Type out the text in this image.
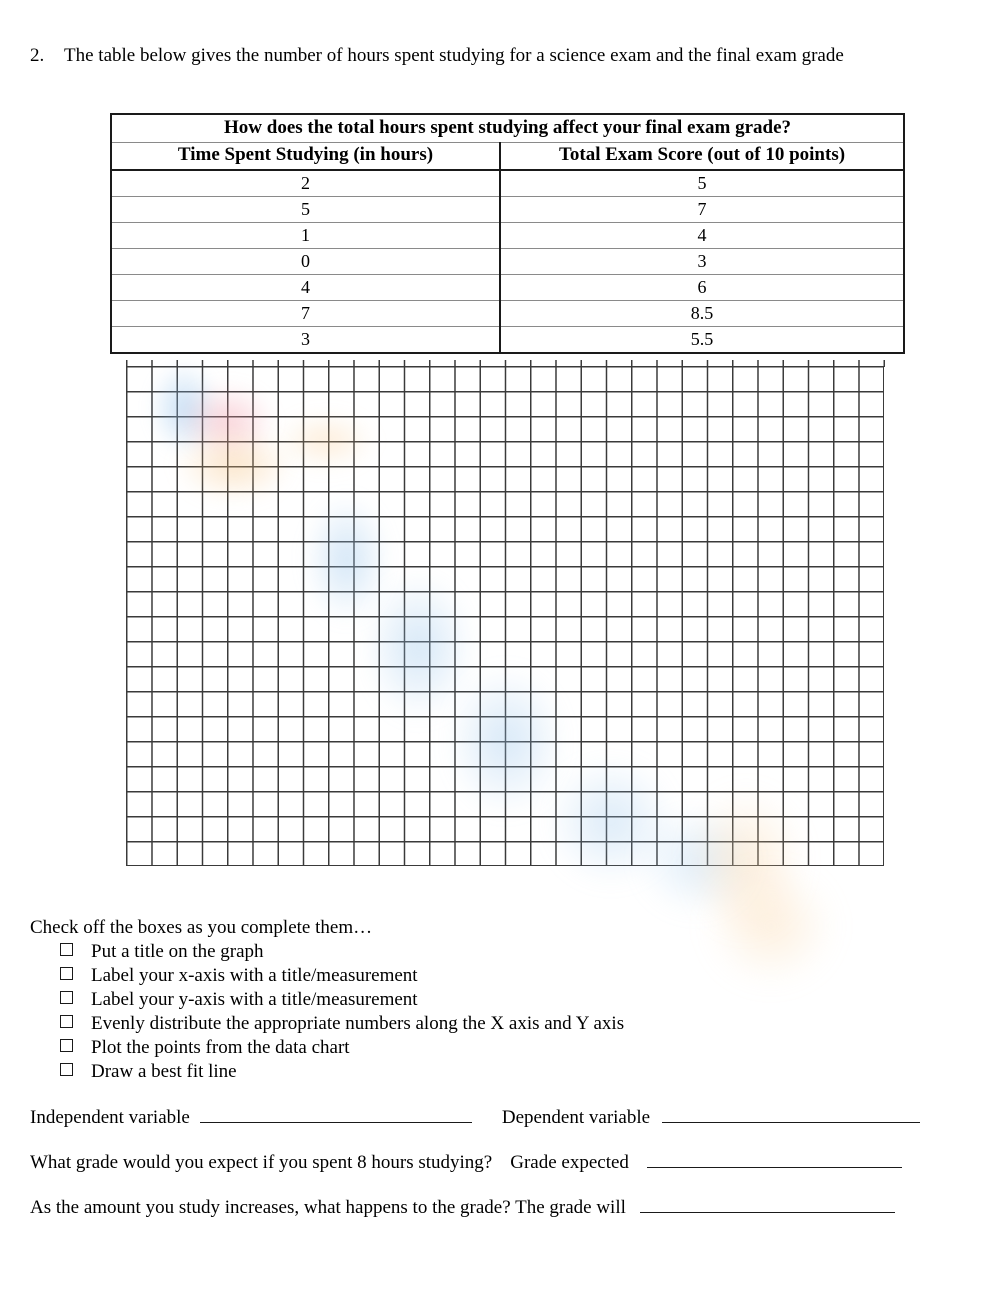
2. The table below gives the number of hours spent studying for a science exam and the final exam grade
How does the total hours spent studying affect your final exam grade?	
Time Spent Studying (in hours)	Total Exam Score (out of 10 points)
2	5
5	7
1	4
0	3
4	6
7	8.5
3	5.5
Check off the boxes as you complete them…
Put a title on the graph
Label your x-axis with a title/measurement
Label your y-axis with a title/measurement
Evenly distribute the appropriate numbers along the X axis and Y axis
Plot the points from the data chart
Draw a best fit line
Independent variable	Dependent variable
What grade would you expect if you spent 8 hours studying? Grade expected
As the amount you study increases, what happens to the grade? The grade will
